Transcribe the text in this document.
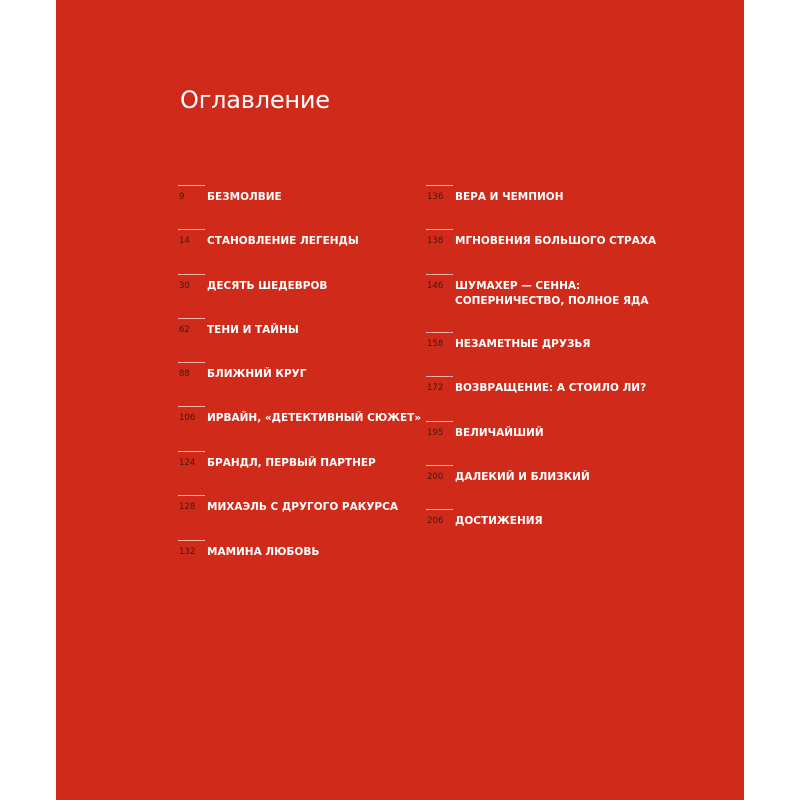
Оглавление
9 БЕЗМОЛВИЕ
14 СТАНОВЛЕНИЕ ЛЕГЕНДЫ
30 ДЕСЯТЬ ШЕДЕВРОВ
62 ТЕНИ И ТАЙНЫ
88 БЛИЖНИЙ КРУГ
106 ИРВАЙН, «ДЕТЕКТИВНЫЙ СЮЖЕТ»
124 БРАНДЛ, ПЕРВЫЙ ПАРТНЕР
128 МИХАЭЛЬ С ДРУГОГО РАКУРСА
132 МАМИНА ЛЮБОВЬ
136 ВЕРА И ЧЕМПИОН
138 МГНОВЕНИЯ БОЛЬШОГО СТРАХА
146 ШУМАХЕР — СЕННА:
СОПЕРНИЧЕСТВО, ПОЛНОЕ ЯДА
158 НЕЗАМЕТНЫЕ ДРУЗЬЯ
172 ВОЗВРАЩЕНИЕ: А СТОИЛО ЛИ?
195 ВЕЛИЧАЙШИЙ
200 ДАЛЕКИЙ И БЛИЗКИЙ
206 ДОСТИЖЕНИЯ
